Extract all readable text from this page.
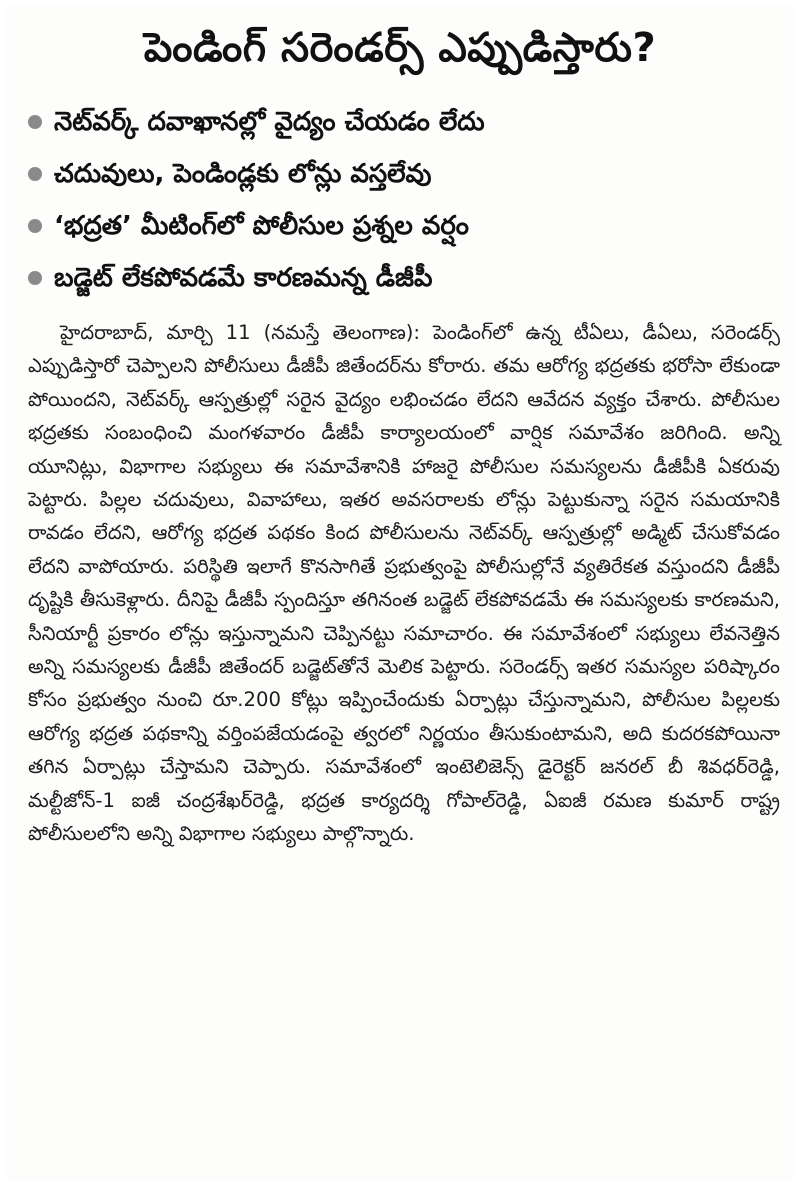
పెండింగ్ సరెండర్స్ ఎప్పుడిస్తారు?
నెట్‌వర్క్ దవాఖానల్లో వైద్యం చేయడం లేదు
చదువులు, పెండిండ్లకు లోన్లు వస్తలేవు
‘భద్రత’ మీటింగ్‌లో పోలీసుల ప్రశ్నల వర్షం
బడ్జెట్ లేకపోవడమే కారణమన్న డీజీపీ

హైదరాబాద్, మార్చి 11 (నమస్తే తెలంగాణ): పెండింగ్‌లో ఉన్న టీఏలు, డీఏలు, సరెండర్స్ ఎప్పుడిస్తారో చెప్పాలని పోలీసులు డీజీపీ జితేందర్‌ను కోరారు. తమ ఆరోగ్య భద్రతకు భరోసా లేకుండా పోయిందని, నెట్‌వర్క్ ఆస్పత్రుల్లో సరైన వైద్యం లభించడం లేదని ఆవేదన వ్యక్తం చేశారు. పోలీసుల భద్రతకు సంబంధించి మంగళవారం డీజీపీ కార్యాలయంలో వార్షిక సమావేశం జరిగింది. అన్ని యూనిట్లు, విభాగాల సభ్యులు ఈ సమావేశానికి హాజరై పోలీసుల సమస్యలను డీజీపీకి ఏకరువు పెట్టారు. పిల్లల చదువులు, వివాహాలు, ఇతర అవసరాలకు లోన్లు పెట్టుకున్నా సరైన సమయానికి రావడం లేదని, ఆరోగ్య భద్రత పథకం కింద పోలీసులను నెట్‌వర్క్ ఆస్పత్రుల్లో అడ్మిట్ చేసుకోవడం లేదని వాపోయారు. పరిస్థితి ఇలాగే కొనసాగితే ప్రభుత్వంపై పోలీసుల్లోనే వ్యతిరేకత వస్తుందని డీజీపీ దృష్టికి తీసుకెళ్లారు. దీనిపై డీజీపీ స్పందిస్తూ తగినంత బడ్జెట్ లేకపోవడమే ఈ సమస్యలకు కారణమని, సీనియార్టీ ప్రకారం లోన్లు ఇస్తున్నామని చెప్పినట్టు సమాచారం. ఈ సమావేశంలో సభ్యులు లేవనెత్తిన అన్ని సమస్యలకు డీజీపీ జితేందర్ బడ్జెట్‌తోనే మెలిక పెట్టారు. సరెండర్స్ ఇతర సమస్యల పరిష్కారం కోసం ప్రభుత్వం నుంచి రూ.200 కోట్లు ఇప్పించేందుకు ఏర్పాట్లు చేస్తున్నామని, పోలీసుల పిల్లలకు ఆరోగ్య భద్రత పథకాన్ని వర్తింపజేయడంపై త్వరలో నిర్ణయం తీసుకుంటామని, అది కుదరకపోయినా తగిన ఏర్పాట్లు చేస్తామని చెప్పారు. సమావేశంలో ఇంటెలిజెన్స్ డైరెక్టర్ జనరల్ బీ శివధర్‌రెడ్డి, మల్టీజోన్-1 ఐజీ చంద్రశేఖర్‌రెడ్డి, భద్రత కార్యదర్శి గోపాల్‌రెడ్డి, ఏఐజీ రమణ కుమార్ రాష్ట్ర పోలీసులలోని అన్ని విభాగాల సభ్యులు పాల్గొన్నారు.
